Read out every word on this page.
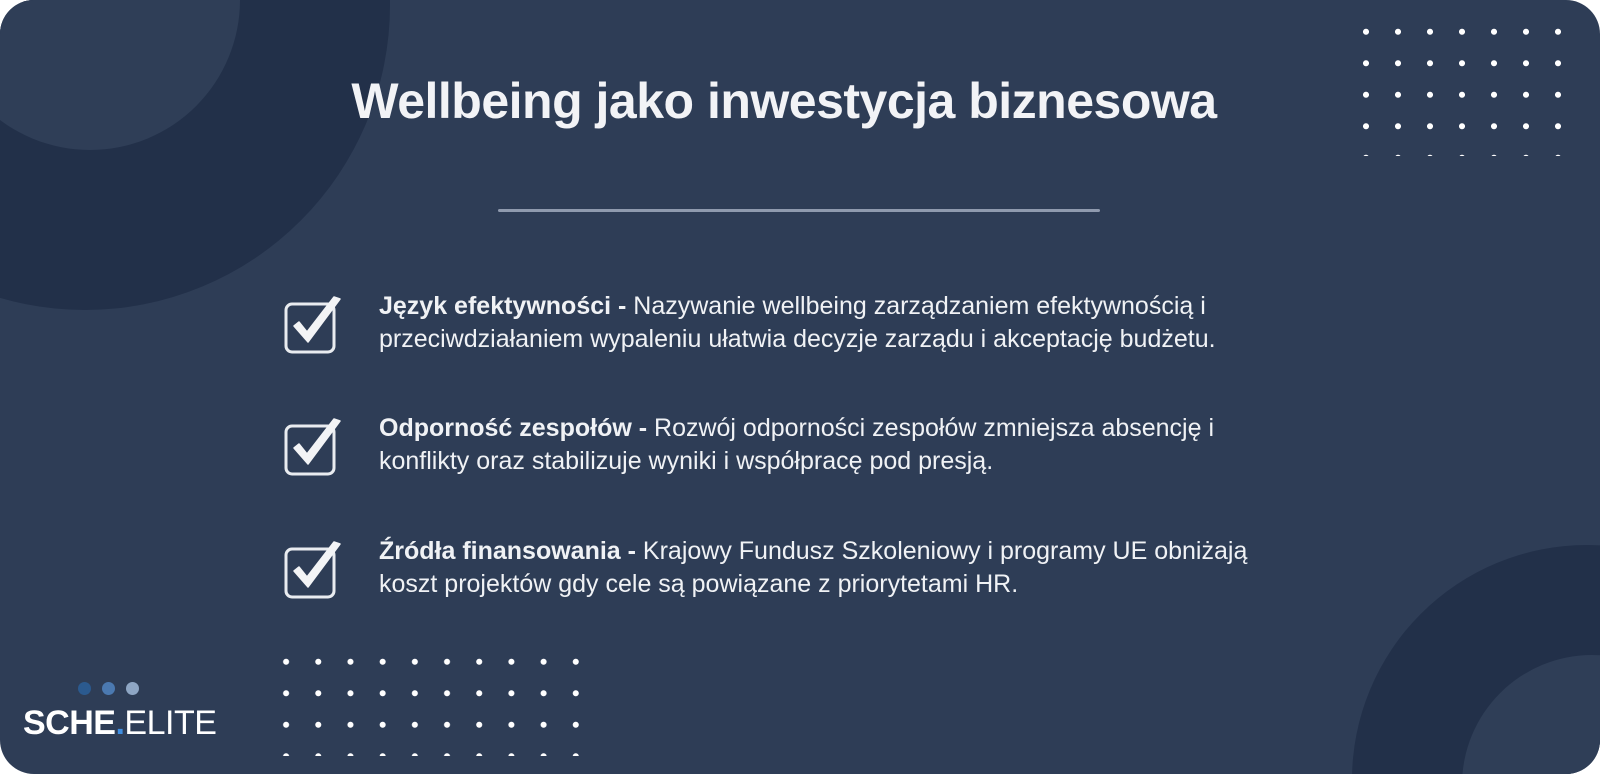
Wellbeing jako inwestycja biznesowa
Język efektywności - Nazywanie wellbeing zarządzaniem efektywnością i
przeciwdziałaniem wypaleniu ułatwia decyzje zarządu i akceptację budżetu.
Odporność zespołów - Rozwój odporności zespołów zmniejsza absencję i
konflikty oraz stabilizuje wyniki i współpracę pod presją.
Źródła finansowania - Krajowy Fundusz Szkoleniowy i programy UE obniżają
koszt projektów gdy cele są powiązane z priorytetami HR.
SCHE.ELITE
